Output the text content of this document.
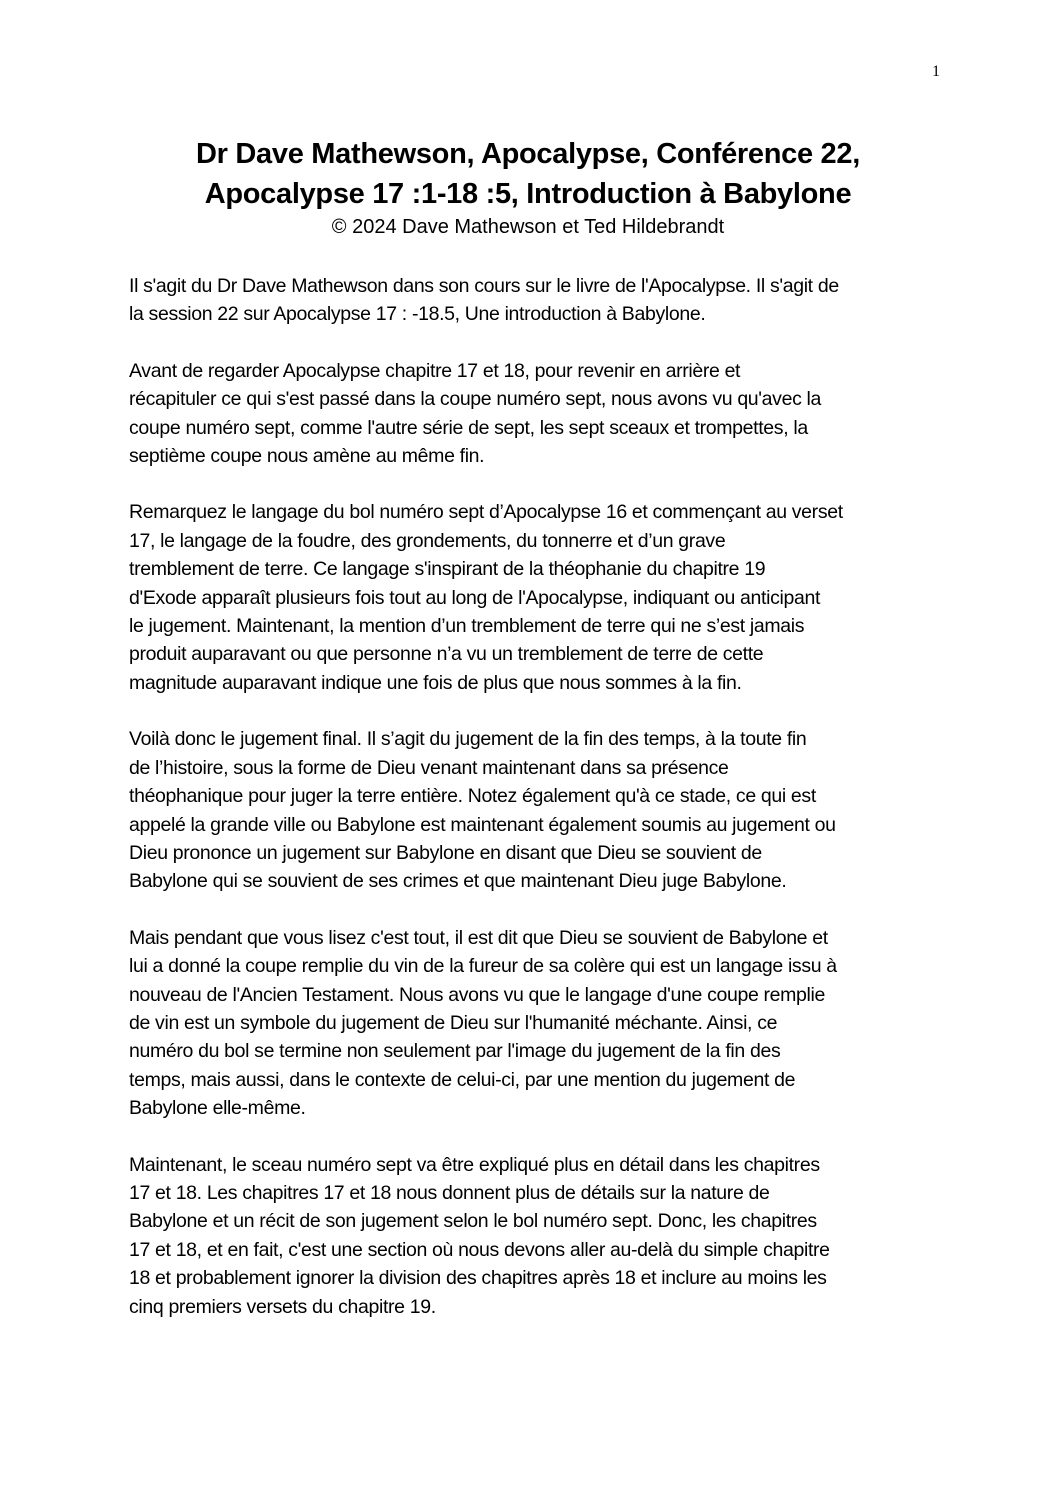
1
Dr Dave Mathewson, Apocalypse, Conférence 22,
Apocalypse 17 :1-18 :5, Introduction à Babylone
© 2024 Dave Mathewson et Ted Hildebrandt
Il s'agit du Dr Dave Mathewson dans son cours sur le livre de l'Apocalypse. Il s'agit de
la session 22 sur Apocalypse 17 : -18.5, Une introduction à Babylone.
Avant de regarder Apocalypse chapitre 17 et 18, pour revenir en arrière et
récapituler ce qui s'est passé dans la coupe numéro sept, nous avons vu qu'avec la
coupe numéro sept, comme l'autre série de sept, les sept sceaux et trompettes, la
septième coupe nous amène au même fin.
Remarquez le langage du bol numéro sept d’Apocalypse 16 et commençant au verset
17, le langage de la foudre, des grondements, du tonnerre et d’un grave
tremblement de terre. Ce langage s'inspirant de la théophanie du chapitre 19
d'Exode apparaît plusieurs fois tout au long de l'Apocalypse, indiquant ou anticipant
le jugement. Maintenant, la mention d’un tremblement de terre qui ne s’est jamais
produit auparavant ou que personne n’a vu un tremblement de terre de cette
magnitude auparavant indique une fois de plus que nous sommes à la fin.
Voilà donc le jugement final. Il s’agit du jugement de la fin des temps, à la toute fin
de l’histoire, sous la forme de Dieu venant maintenant dans sa présence
théophanique pour juger la terre entière. Notez également qu'à ce stade, ce qui est
appelé la grande ville ou Babylone est maintenant également soumis au jugement ou
Dieu prononce un jugement sur Babylone en disant que Dieu se souvient de
Babylone qui se souvient de ses crimes et que maintenant Dieu juge Babylone.
Mais pendant que vous lisez c'est tout, il est dit que Dieu se souvient de Babylone et
lui a donné la coupe remplie du vin de la fureur de sa colère qui est un langage issu à
nouveau de l'Ancien Testament. Nous avons vu que le langage d'une coupe remplie
de vin est un symbole du jugement de Dieu sur l'humanité méchante. Ainsi, ce
numéro du bol se termine non seulement par l'image du jugement de la fin des
temps, mais aussi, dans le contexte de celui-ci, par une mention du jugement de
Babylone elle-même.
Maintenant, le sceau numéro sept va être expliqué plus en détail dans les chapitres
17 et 18. Les chapitres 17 et 18 nous donnent plus de détails sur la nature de
Babylone et un récit de son jugement selon le bol numéro sept. Donc, les chapitres
17 et 18, et en fait, c'est une section où nous devons aller au-delà du simple chapitre
18 et probablement ignorer la division des chapitres après 18 et inclure au moins les
cinq premiers versets du chapitre 19.
